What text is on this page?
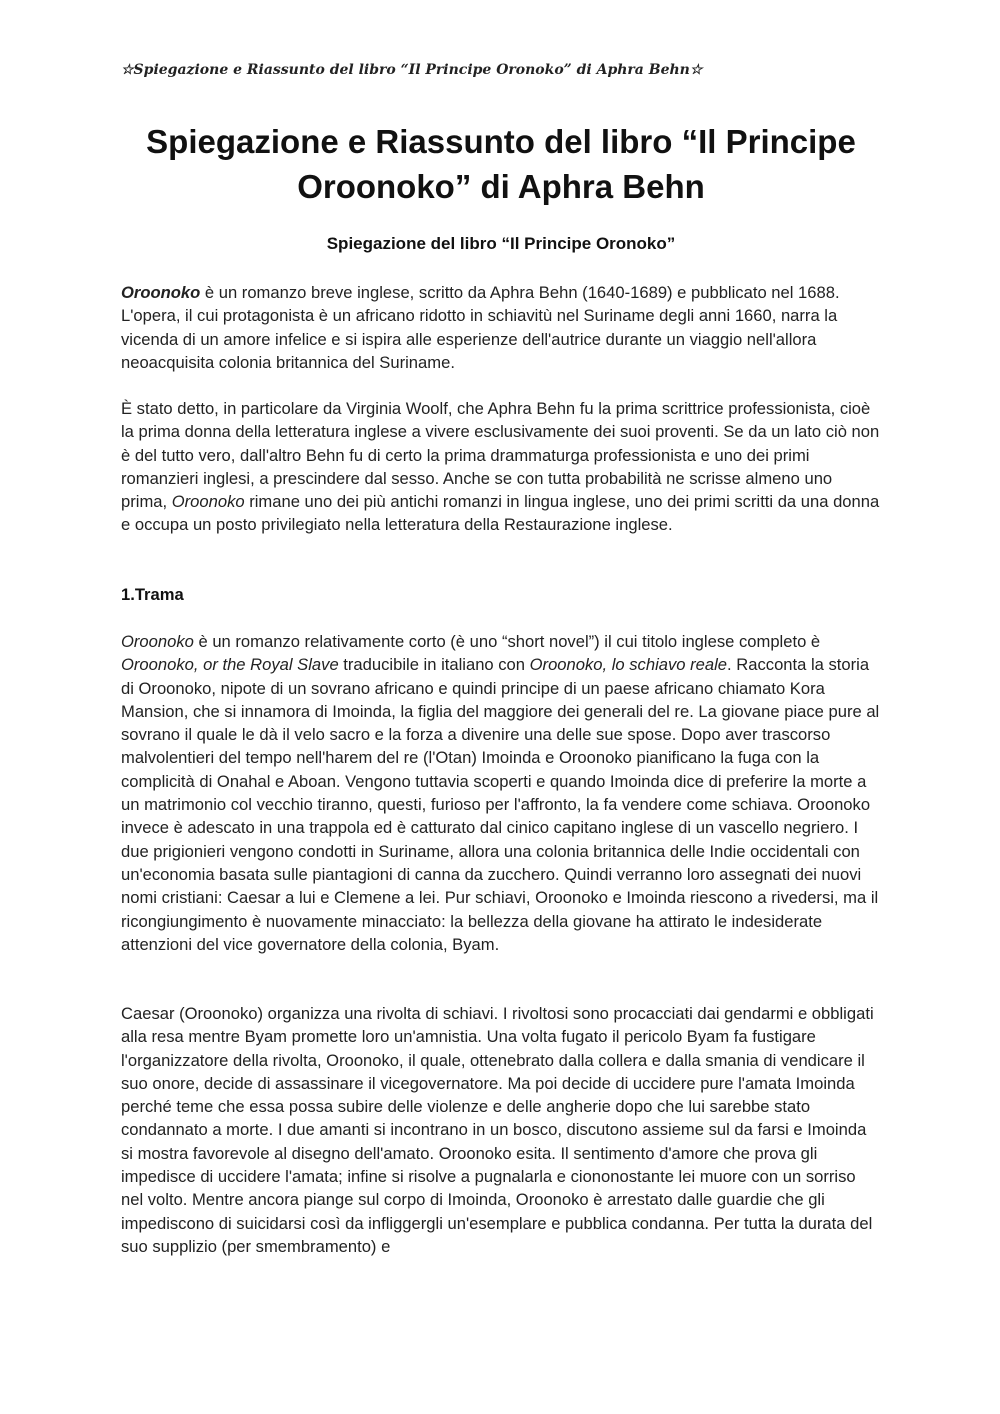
☆Spiegazione e Riassunto del libro “Il Principe Oronoko” di Aphra Behn☆
Spiegazione e Riassunto del libro “Il Principe
Oroonoko” di Aphra Behn
Spiegazione del libro “Il Principe Oronoko”

Oroonoko è un romanzo breve inglese, scritto da Aphra Behn (1640-1689) e pubblicato nel 1688. L'opera, il cui protagonista è un africano ridotto in schiavitù nel Suriname degli anni 1660, narra la vicenda di un amore infelice e si ispira alle esperienze dell'autrice durante un viaggio nell'allora neoacquisita colonia britannica del Suriname.

È stato detto, in particolare da Virginia Woolf, che Aphra Behn fu la prima scrittrice professionista, cioè la prima donna della letteratura inglese a vivere esclusivamente dei suoi proventi. Se da un lato ciò non è del tutto vero, dall'altro Behn fu di certo la prima drammaturga professionista e uno dei primi romanzieri inglesi, a prescindere dal sesso. Anche se con tutta probabilità ne scrisse almeno uno prima, Oroonoko rimane uno dei più antichi romanzi in lingua inglese, uno dei primi scritti da una donna e occupa un posto privilegiato nella letteratura della Restaurazione inglese.

1.Trama

Oroonoko è un romanzo relativamente corto (è uno “short novel”) il cui titolo inglese completo è Oroonoko, or the Royal Slave traducibile in italiano con Oroonoko, lo schiavo reale. Racconta la storia di Oroonoko, nipote di un sovrano africano e quindi principe di un paese africano chiamato Kora Mansion, che si innamora di Imoinda, la figlia del maggiore dei generali del re. La giovane piace pure al sovrano il quale le dà il velo sacro e la forza a divenire una delle sue spose. Dopo aver trascorso malvolentieri del tempo nell'harem del re (l'Otan) Imoinda e Oroonoko pianificano la fuga con la complicità di Onahal e Aboan. Vengono tuttavia scoperti e quando Imoinda dice di preferire la morte a un matrimonio col vecchio tiranno, questi, furioso per l'affronto, la fa vendere come schiava. Oroonoko invece è adescato in una trappola ed è catturato dal cinico capitano inglese di un vascello negriero. I due prigionieri vengono condotti in Suriname, allora una colonia britannica delle Indie occidentali con un'economia basata sulle piantagioni di canna da zucchero. Quindi verranno loro assegnati dei nuovi nomi cristiani: Caesar a lui e Clemene a lei. Pur schiavi, Oroonoko e Imoinda riescono a rivedersi, ma il ricongiungimento è nuovamente minacciato: la bellezza della giovane ha attirato le indesiderate attenzioni del vice governatore della colonia, Byam.

Caesar (Oroonoko) organizza una rivolta di schiavi. I rivoltosi sono procacciati dai gendarmi e obbligati alla resa mentre Byam promette loro un'amnistia. Una volta fugato il pericolo Byam fa fustigare l'organizzatore della rivolta, Oroonoko, il quale, ottenebrato dalla collera e dalla smania di vendicare il suo onore, decide di assassinare il vicegovernatore. Ma poi decide di uccidere pure l'amata Imoinda perché teme che essa possa subire delle violenze e delle angherie dopo che lui sarebbe stato condannato a morte. I due amanti si incontrano in un bosco, discutono assieme sul da farsi e Imoinda si mostra favorevole al disegno dell'amato. Oroonoko esita. Il sentimento d'amore che prova gli impedisce di uccidere l'amata; infine si risolve a pugnalarla e ciononostante lei muore con un sorriso nel volto. Mentre ancora piange sul corpo di Imoinda, Oroonoko è arrestato dalle guardie che gli impediscono di suicidarsi così da infliggergli un'esemplare e pubblica condanna. Per tutta la durata del suo supplizio (per smembramento) e
